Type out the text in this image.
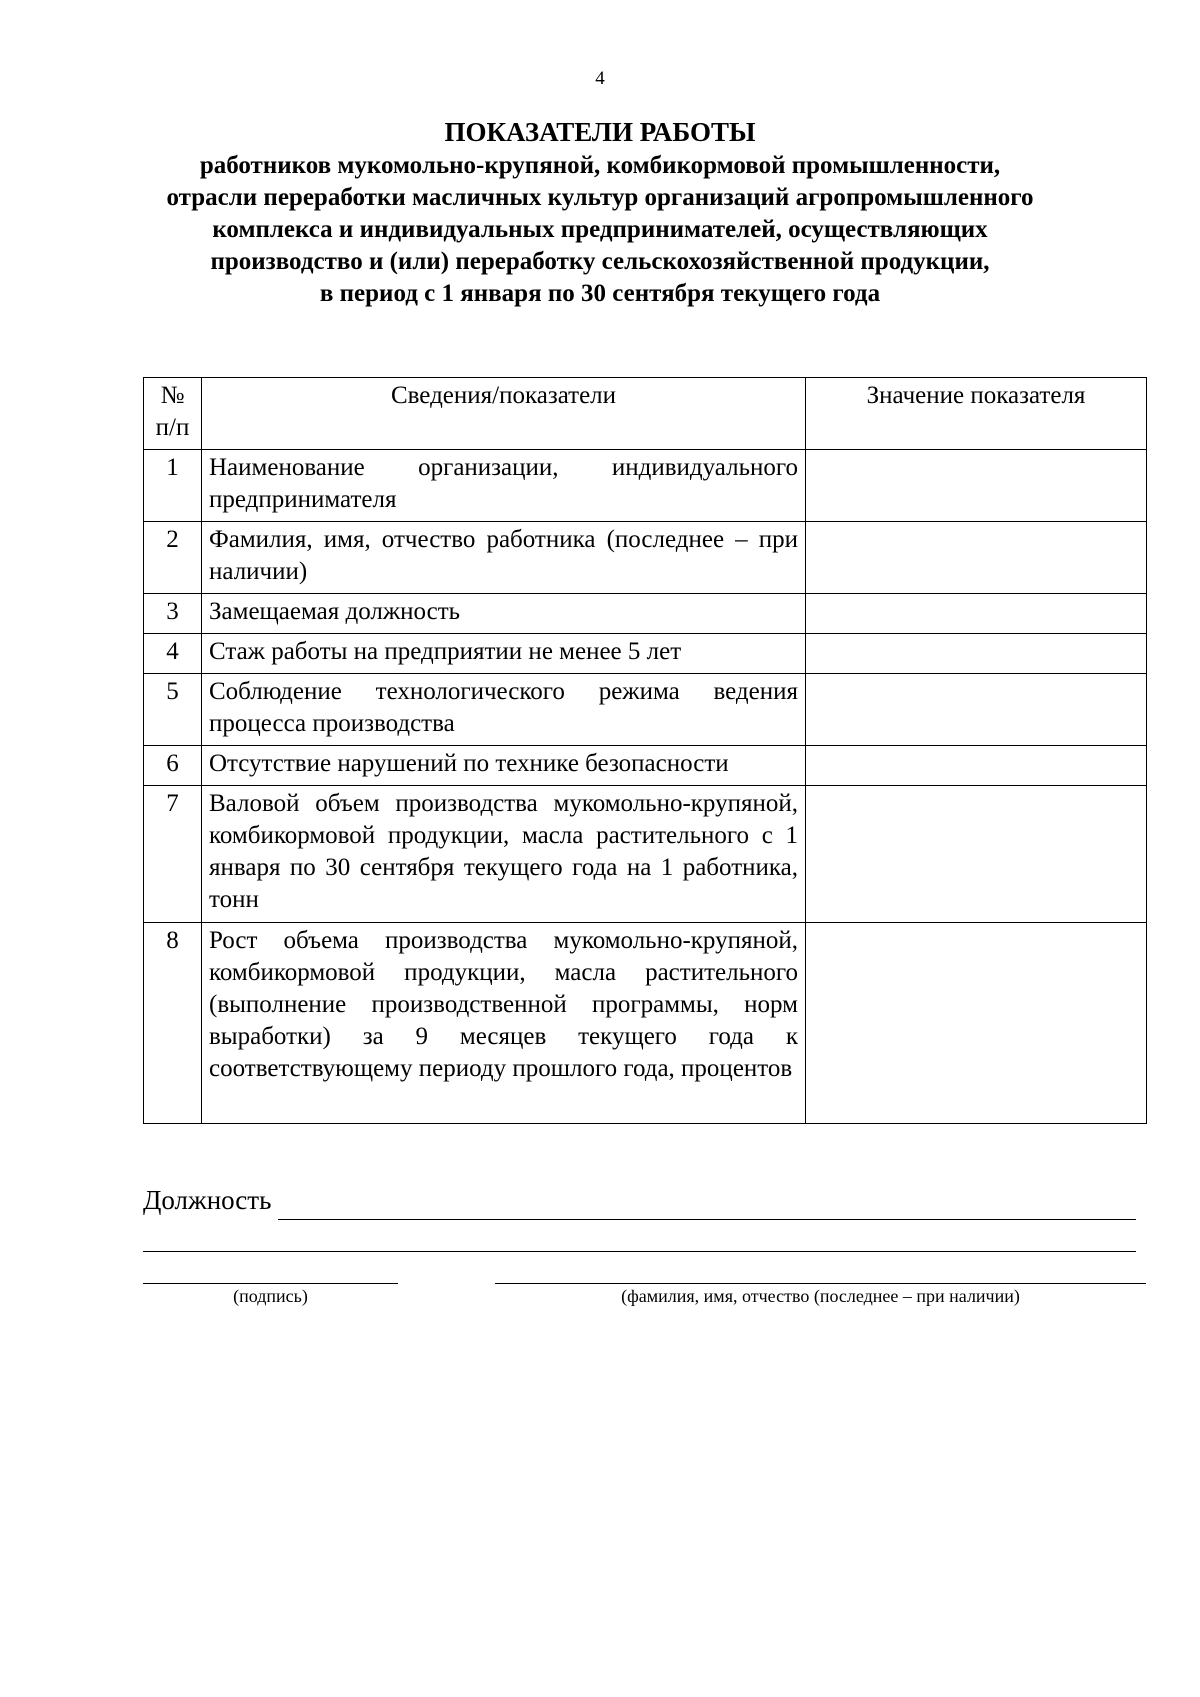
4
ПОКАЗАТЕЛИ РАБОТЫ
работников мукомольно-крупяной, комбикормовой промышленности,
отрасли переработки масличных культур организаций агропромышленного
комплекса и индивидуальных предпринимателей, осуществляющих
производство и (или) переработку сельскохозяйственной продукции,
в период с 1 января по 30 сентября текущего года
№ п/п	Сведения/показатели	Значение показателя
1	Наименование организации, индивидуального предпринимателя	
2	Фамилия, имя, отчество работника (последнее – при наличии)	
3	Замещаемая должность	
4	Стаж работы на предприятии не менее 5 лет	
5	Соблюдение технологического режима ведения процесса производства	
6	Отсутствие нарушений по технике безопасности	
7	Валовой объем производства мукомольно-крупяной, комбикормовой продукции, масла растительного с 1 января по 30 сентября текущего года на 1 работника, тонн	
8	Рост объема производства мукомольно-крупяной, комбикормовой продукции, масла растительного (выполнение производственной программы, норм выработки) за 9 месяцев текущего года к соответствующему периоду прошлого года, процентов	
Должность
(подпись)	(фамилия, имя, отчество (последнее – при наличии)
